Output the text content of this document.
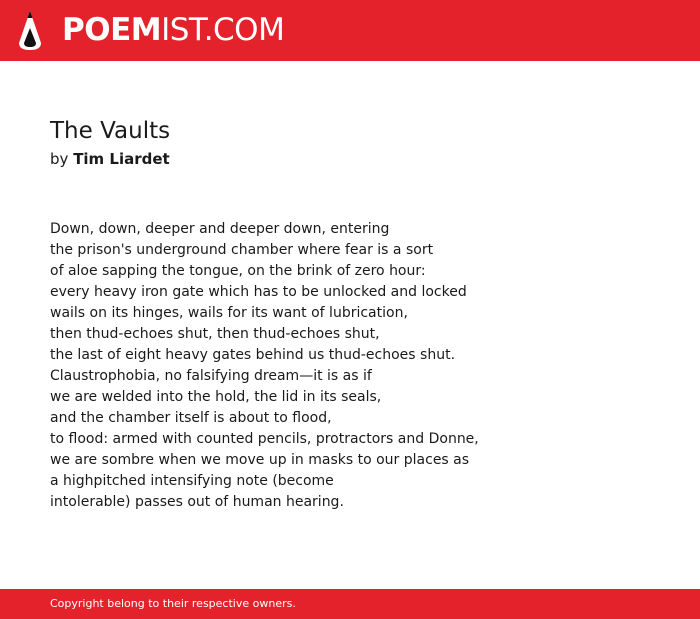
POEMIST.COM
The Vaults
by Tim Liardet
Down, down, deeper and deeper down, entering
the prison's underground chamber where fear is a sort
of aloe sapping the tongue, on the brink of zero hour:
every heavy iron gate which has to be unlocked and locked
wails on its hinges, wails for its want of lubrication,
then thud-echoes shut, then thud-echoes shut,
the last of eight heavy gates behind us thud-echoes shut.
Claustrophobia, no falsifying dream—it is as if
we are welded into the hold, the lid in its seals,
and the chamber itself is about to flood,
to flood: armed with counted pencils, protractors and Donne,
we are sombre when we move up in masks to our places as
a highpitched intensifying note (become
intolerable) passes out of human hearing.
Copyright belong to their respective owners.
